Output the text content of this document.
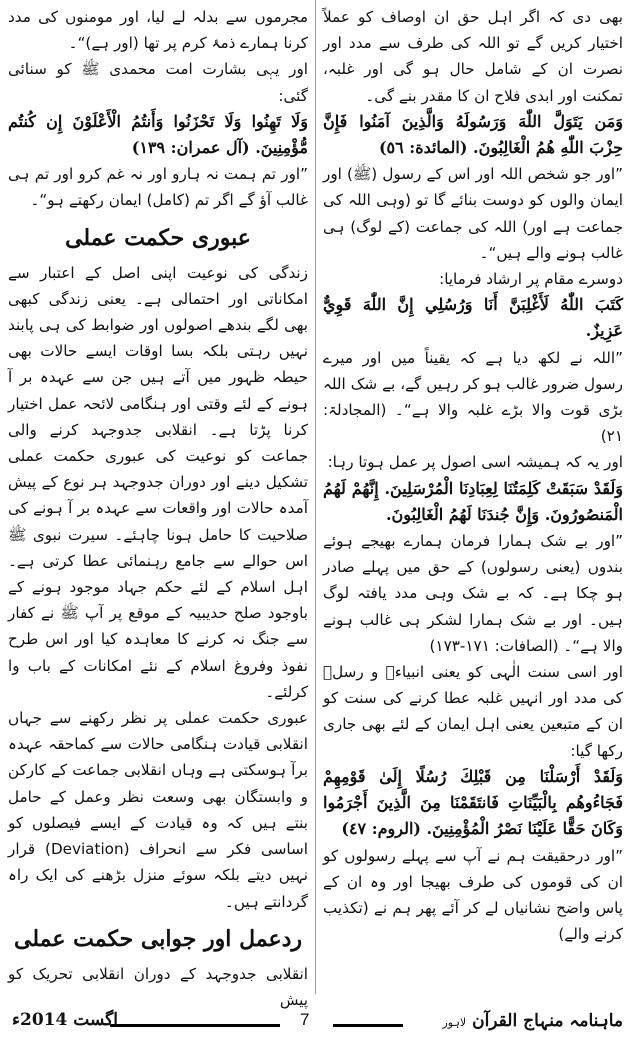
بھی دی کہ اگر اہل حق ان اوصاف کو عملاً اختیار کریں گے تو اللہ کی طرف سے مدد اور نصرت ان کے شامل حال ہو گی اور غلبہ، تمکنت اور ابدی فلاح ان کا مقدر بنے گی۔

وَمَن يَتَوَلَّ اللّٰهَ وَرَسُولَهُ وَالَّذِينَ آمَنُوا فَإِنَّ حِزْبَ اللّٰهِ هُمُ الْغَالِبُونَ. (المائدة: ٥٦)

”اور جو شخص اللہ اور اس کے رسول (ﷺ) اور ایمان والوں کو دوست بنائے گا تو (وہی اللہ کی جماعت ہے اور) اللہ کی جماعت (کے لوگ) ہی غالب ہونے والے ہیں“۔

دوسرے مقام پر ارشاد فرمایا:

كَتَبَ اللّٰهُ لَأَغْلِبَنَّ أَنَا وَرُسُلِي إِنَّ اللّٰهَ قَوِيٌّ عَزِيزٌ.

”اللہ نے لکھ دیا ہے کہ یقیناً میں اور میرے رسول ضرور غالب ہو کر رہیں گے، بے شک اللہ بڑی قوت والا بڑے غلبہ والا ہے“۔ (المجادلۃ: ٢١)

اور یہ کہ ہمیشہ اسی اصول پر عمل ہوتا رہا:

وَلَقَدْ سَبَقَتْ كَلِمَتُنَا لِعِبَادِنَا الْمُرْسَلِينَ. إِنَّهُمْ لَهُمُ الْمَنصُورُونَ. وَإِنَّ جُندَنَا لَهُمُ الْغَالِبُونَ.

”اور بے شک ہمارا فرمان ہمارے بھیجے ہوئے بندوں (یعنی رسولوں) کے حق میں پہلے صادر ہو چکا ہے۔ کہ بے شک وہی مدد یافتہ لوگ ہیں۔ اور بے شک ہمارا لشکر ہی غالب ہونے والا ہے“۔ (الصافات: ١٧١-١٧٣)

اور اسی سنت الٰہی کو یعنی انبیاءؑ و رسلؑ کی مدد اور انہیں غلبہ عطا کرنے کی سنت کو ان کے متبعین یعنی اہل ایمان کے لئے بھی جاری رکھا گیا:

وَلَقَدْ أَرْسَلْنَا مِن قَبْلِكَ رُسُلًا إِلَىٰ قَوْمِهِمْ فَجَاءُوهُم بِالْبَيِّنَاتِ فَانتَقَمْنَا مِنَ الَّذِينَ أَجْرَمُوا وَكَانَ حَقًّا عَلَيْنَا نَصْرُ الْمُؤْمِنِينَ. (الروم: ٤٧)

”اور درحقیقت ہم نے آپ سے پہلے رسولوں کو ان کی قوموں کی طرف بھیجا اور وہ ان کے پاس واضح نشانیاں لے کر آئے پھر ہم نے (تکذیب کرنے والے)

مجرموں سے بدلہ لے لیا، اور مومنوں کی مدد کرنا ہمارے ذمۂ کرم پر تھا (اور ہے)“۔

اور یہی بشارت امت محمدی ﷺ کو سنائی گئی:

وَلَا تَهِنُوا وَلَا تَحْزَنُوا وَأَنتُمُ الْأَعْلَوْنَ إِن كُنتُم مُّؤْمِنِينَ. (آل عمران: ١٣٩)

”اور تم ہمت نہ ہارو اور نہ غم کرو اور تم ہی غالب آؤ گے اگر تم (کامل) ایمان رکھتے ہو“۔

عبوری حکمت عملی

زندگی کی نوعیت اپنی اصل کے اعتبار سے امکاناتی اور احتمالی ہے۔ یعنی زندگی کبھی بھی لگے بندھے اصولوں اور ضوابط کی ہی پابند نہیں رہتی بلکہ بسا اوقات ایسے حالات بھی حیطہ ظہور میں آتے ہیں جن سے عہدہ بر آ ہونے کے لئے وقتی اور ہنگامی لائحہ عمل اختیار کرنا پڑتا ہے۔ انقلابی جدوجہد کرنے والی جماعت کو نوعیت کی عبوری حکمت عملی تشکیل دینے اور دوران جدوجہد ہر نوع کے پیش آمدہ حالات اور واقعات سے عہدہ بر آ ہونے کی صلاحیت کا حامل ہونا چاہئے۔ سیرت نبوی ﷺ اس حوالے سے جامع رہنمائی عطا کرتی ہے۔ اہل اسلام کے لئے حکم جہاد موجود ہونے کے باوجود صلح حدیبیہ کے موقع پر آپ ﷺ نے کفار سے جنگ نہ کرنے کا معاہدہ کیا اور اس طرح نفوذ وفروغ اسلام کے نئے امکانات کے باب وا کرلئے۔

عبوری حکمت عملی پر نظر رکھنے سے جہاں انقلابی قیادت ہنگامی حالات سے کماحقہ عہدہ برآ ہوسکتی ہے وہاں انقلابی جماعت کے کارکن و وابستگان بھی وسعت نظر وعمل کے حامل بنتے ہیں کہ وہ قیادت کے ایسے فیصلوں کو اساسی فکر سے انحراف (Deviation) قرار نہیں دیتے بلکہ سوئے منزل بڑھنے کی ایک راہ گردانتے ہیں۔

ردعمل اور جوابی حکمت عملی

انقلابی جدوجہد کے دوران انقلابی تحریک کو پیش

ماہنامہ منہاج القرآن لاہور
7
اگست 2014ء
